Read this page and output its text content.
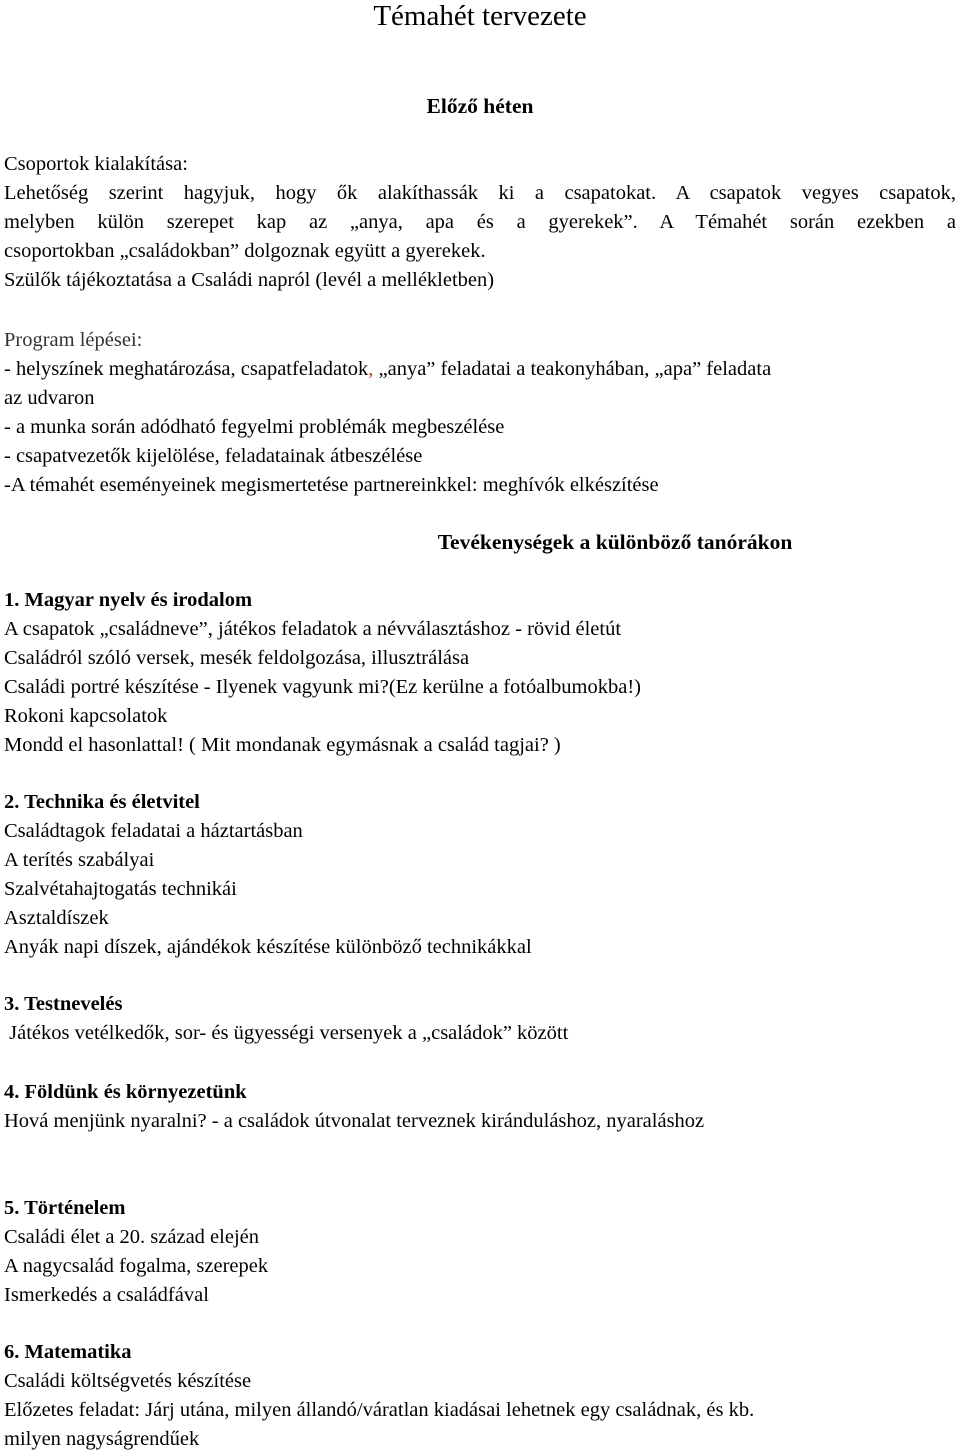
Témahét tervezete
Előző héten
Csoportok kialakítása:
Lehetőség szerint hagyjuk, hogy ők alakíthassák ki a csapatokat. A csapatok vegyes csapatok,
melyben külön szerepet kap az „anya, apa és a gyerekek”. A Témahét során ezekben a
csoportokban „családokban” dolgoznak együtt a gyerekek.
Szülők tájékoztatása a Családi napról (levél a mellékletben)
Program lépései:
- helyszínek meghatározása, csapatfeladatok, „anya” feladatai a teakonyhában, „apa” feladata
az udvaron
- a munka során adódható fegyelmi problémák megbeszélése
- csapatvezetők kijelölése, feladatainak átbeszélése
-A témahét eseményeinek megismertetése partnereinkkel: meghívók elkészítése
Tevékenységek a különböző tanórákon
1. Magyar nyelv és irodalom
A csapatok „családneve”, játékos feladatok a névválasztáshoz - rövid életút
Családról szóló versek, mesék feldolgozása, illusztrálása
Családi portré készítése - Ilyenek vagyunk mi?(Ez kerülne a fotóalbumokba!)
Rokoni kapcsolatok
Mondd el hasonlattal! ( Mit mondanak egymásnak a család tagjai? )
2. Technika és életvitel
Családtagok feladatai a háztartásban
A terítés szabályai
Szalvétahajtogatás technikái
Asztaldíszek
Anyák napi díszek, ajándékok készítése különböző technikákkal
3. Testnevelés
Játékos vetélkedők, sor- és ügyességi versenyek a „családok” között
4. Földünk és környezetünk
Hová menjünk nyaralni? - a családok útvonalat terveznek kiránduláshoz, nyaraláshoz
5. Történelem
Családi élet a 20. század elején
A nagycsalád fogalma, szerepek
Ismerkedés a családfával
6. Matematika
Családi költségvetés készítése
Előzetes feladat: Járj utána, milyen állandó/váratlan kiadásai lehetnek egy családnak, és kb.
milyen nagyságrendűek
